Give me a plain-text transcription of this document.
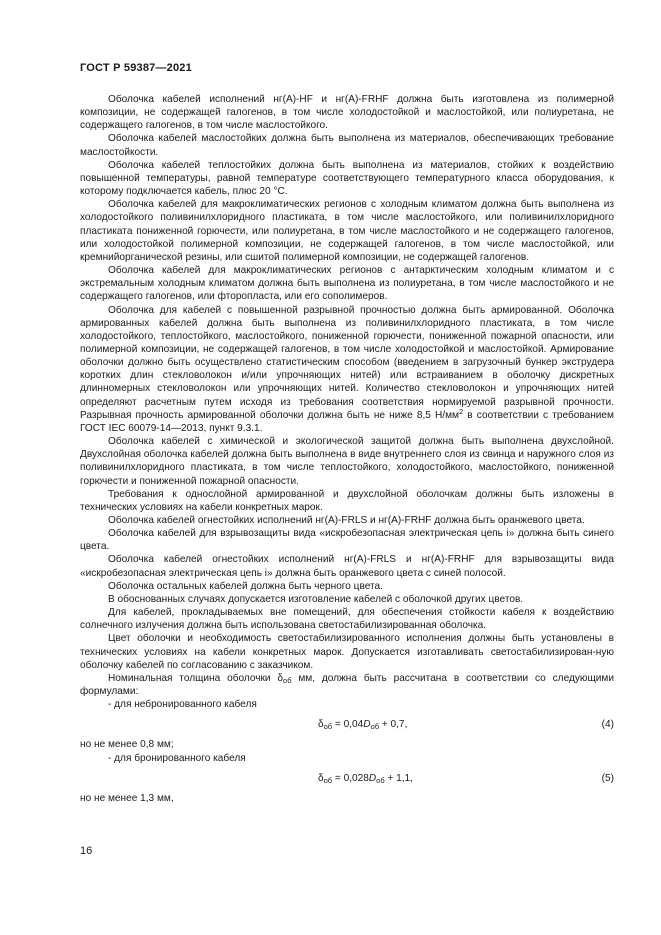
ГОСТ Р 59387—2021

Оболочка кабелей исполнений нг(А)-HF и нг(А)-FRHF должна быть изготовлена из полимерной композиции, не содержащей галогенов, в том числе холодостойкой и маслостойкой, или полиуретана, не содержащего галогенов, в том числе маслостойкого.

Оболочка кабелей маслостойких должна быть выполнена из материалов, обеспечивающих требование маслостойкости.

Оболочка кабелей теплостойких должна быть выполнена из материалов, стойких к воздействию повышенной температуры, равной температуре соответствующего температурного класса оборудования, к которому подключается кабель, плюс 20 °С.

Оболочка кабелей для макроклиматических регионов с холодным климатом должна быть выполнена из холодостойкого поливинилхлоридного пластиката, в том числе маслостойкого, или поливинилхлоридного пластиката пониженной горючести, или полиуретана, в том числе маслостойкого и не содержащего галогенов, или холодостойкой полимерной композиции, не содержащей галогенов, в том числе маслостойкой, или кремнийорганической резины, или сшитой полимерной композиции, не содержащей галогенов.

Оболочка кабелей для макроклиматических регионов с антарктическим холодным климатом и с экстремальным холодным климатом должна быть выполнена из полиуретана, в том числе маслостойкого и не содержащего галогенов, или фторопласта, или его сополимеров.

Оболочка для кабелей с повышенной разрывной прочностью должна быть армированной. Оболочка армированных кабелей должна быть выполнена из поливинилхлоридного пластиката, в том числе холодостойкого, теплостойкого, маслостойкого, пониженной горючести, пониженной пожарной опасности, или полимерной композиции, не содержащей галогенов, в том числе холодостойкой и маслостойкой. Армирование оболочки должно быть осуществлено статистическим способом (введением в загрузочный бункер экструдера коротких длин стекловолокон и/или упрочняющих нитей) или встраиванием в оболочку дискретных длинномерных стекловолокон или упрочняющих нитей. Количество стекловолокон и упрочняющих нитей определяют расчетным путем исходя из требования соответствия нормируемой разрывной прочности. Разрывная прочность армированной оболочки должна быть не ниже 8,5 $Н/мм^2$ в соответствии с требованием ГОСТ IEC 60079-14—2013, пункт 9.3.1.

Оболочка кабелей с химической и экологической защитой должна быть выполнена двухслойной. Двухслойная оболочка кабелей должна быть выполнена в виде внутреннего слоя из свинца и наружного слоя из поливинилхлоридного пластиката, в том числе теплостойкого, холодостойкого, маслостойкого, пониженной горючести и пониженной пожарной опасности.

Требования к однослойной армированной и двухслойной оболочкам должны быть изложены в технических условиях на кабели конкретных марок.

Оболочка кабелей огнестойких исполнений нг(А)-FRLS и нг(А)-FRHF должна быть оранжевого цвета.

Оболочка кабелей для взрывозащиты вида «искробезопасная электрическая цепь i» должна быть синего цвета.

Оболочка кабелей огнестойких исполнений нг(А)-FRLS и нг(А)-FRHF для взрывозащиты вида «искробезопасная электрическая цепь i» должна быть оранжевого цвета с синей полосой.

Оболочка остальных кабелей должна быть черного цвета.

В обоснованных случаях допускается изготовление кабелей с оболочкой других цветов.

Для кабелей, прокладываемых вне помещений, для обеспечения стойкости кабеля к воздействию солнечного излучения должна быть использована светостабилизированная оболочка.

Цвет оболочки и необходимость светостабилизированного исполнения должны быть установлены в технических условиях на кабели конкретных марок. Допускается изготавливать светостабилизирован-ную оболочку кабелей по согласованию с заказчиком.

Номинальная толщина оболочки $\delta_{об}$ мм, должна быть рассчитана в соответствии со следующими формулами:

- для небронированного кабеля
$\delta_{об} = 0,04D_{об} + 0,7$,	(4)
но не менее 0,8 мм;
- для бронированного кабеля
$\delta_{об} = 0,028D_{об} + 1,1$,	(5)
но не менее 1,3 мм,
16
